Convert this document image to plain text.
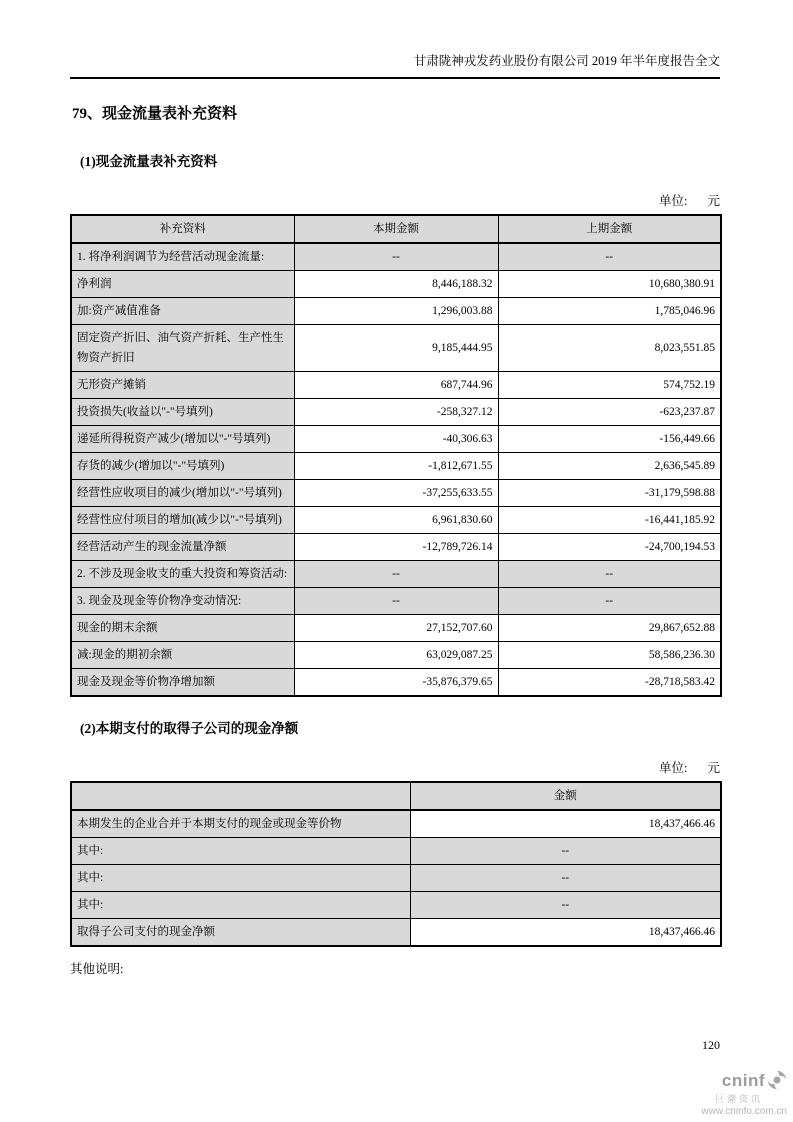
甘肃陇神戎发药业股份有限公司 2019 年半年度报告全文
79、现金流量表补充资料
(1)现金流量表补充资料
单位: 元
补充资料	本期金额	上期金额
1. 将净利润调节为经营活动现金流量:	--	--
净利润	8,446,188.32	10,680,380.91
加:资产减值准备	1,296,003.88	1,785,046.96
固定资产折旧、油气资产折耗、生产性生物资产折旧	9,185,444.95	8,023,551.85
无形资产摊销	687,744.96	574,752.19
投资损失(收益以"-"号填列)	-258,327.12	-623,237.87
递延所得税资产减少(增加以"-"号填列)	-40,306.63	-156,449.66
存货的减少(增加以"-"号填列)	-1,812,671.55	2,636,545.89
经营性应收项目的减少(增加以"-"号填列)	-37,255,633.55	-31,179,598.88
经营性应付项目的增加(减少以"-"号填列)	6,961,830.60	-16,441,185.92
经营活动产生的现金流量净额	-12,789,726.14	-24,700,194.53
2. 不涉及现金收支的重大投资和筹资活动:	--	--
3. 现金及现金等价物净变动情况:	--	--
现金的期末余额	27,152,707.60	29,867,652.88
减:现金的期初余额	63,029,087.25	58,586,236.30
现金及现金等价物净增加额	-35,876,379.65	-28,718,583.42
(2)本期支付的取得子公司的现金净额
单位: 元
	金额
本期发生的企业合并于本期支付的现金或现金等价物	18,437,466.46
其中:	--
其中:	--
其中:	--
取得子公司支付的现金净额	18,437,466.46
其他说明:
120
cninf
巨潮资讯
www.cninfo.com.cn
